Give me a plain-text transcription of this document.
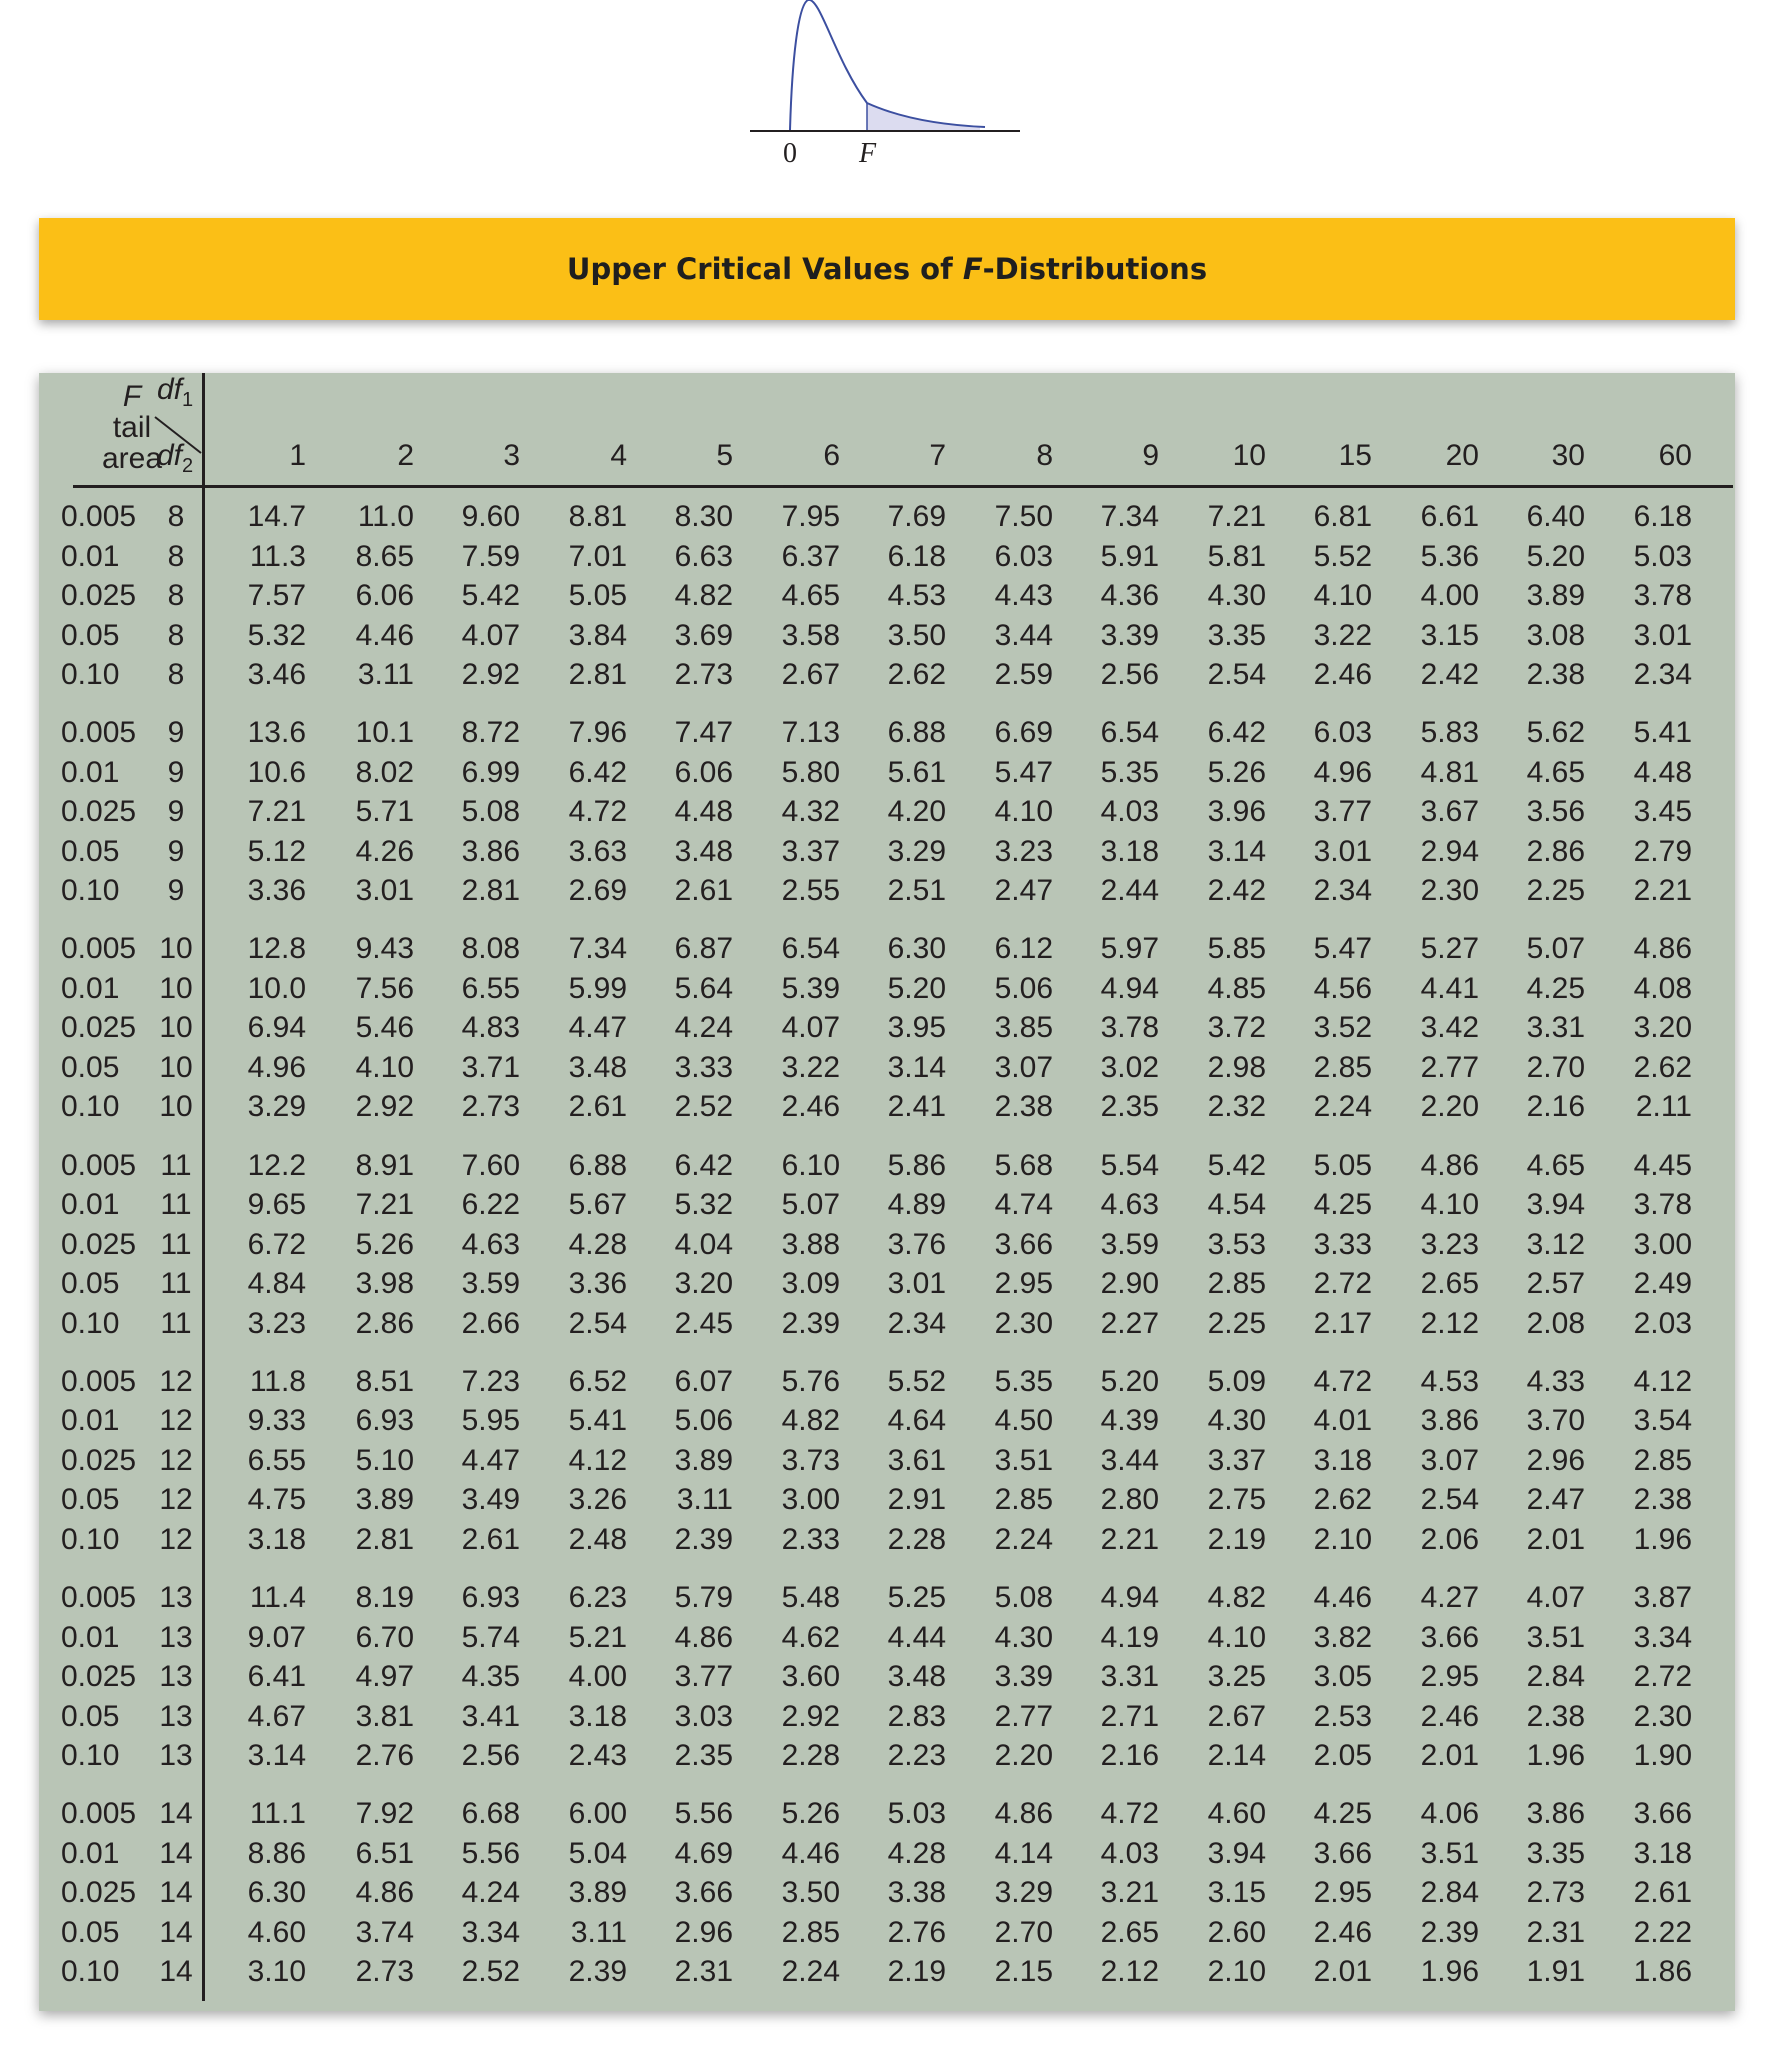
0 F
Upper Critical Values of F-Distributions
F
tail
area
$df_1$
$df_2$	1	2	3	4	5	6	7	8	9	10	15	20	30	60
0.005	8	14.7	11.0	9.60	8.81	8.30	7.95	7.69	7.50	7.34	7.21	6.81	6.61	6.40	6.18
0.01	8	11.3	8.65	7.59	7.01	6.63	6.37	6.18	6.03	5.91	5.81	5.52	5.36	5.20	5.03
0.025	8	7.57	6.06	5.42	5.05	4.82	4.65	4.53	4.43	4.36	4.30	4.10	4.00	3.89	3.78
0.05	8	5.32	4.46	4.07	3.84	3.69	3.58	3.50	3.44	3.39	3.35	3.22	3.15	3.08	3.01
0.10	8	3.46	3.11	2.92	2.81	2.73	2.67	2.62	2.59	2.56	2.54	2.46	2.42	2.38	2.34
0.005	9	13.6	10.1	8.72	7.96	7.47	7.13	6.88	6.69	6.54	6.42	6.03	5.83	5.62	5.41
0.01	9	10.6	8.02	6.99	6.42	6.06	5.80	5.61	5.47	5.35	5.26	4.96	4.81	4.65	4.48
0.025	9	7.21	5.71	5.08	4.72	4.48	4.32	4.20	4.10	4.03	3.96	3.77	3.67	3.56	3.45
0.05	9	5.12	4.26	3.86	3.63	3.48	3.37	3.29	3.23	3.18	3.14	3.01	2.94	2.86	2.79
0.10	9	3.36	3.01	2.81	2.69	2.61	2.55	2.51	2.47	2.44	2.42	2.34	2.30	2.25	2.21
0.005 10	12.8	9.43	8.08	7.34	6.87	6.54	6.30	6.12	5.97	5.85	5.47	5.27	5.07	4.86
0.01 10	10.0	7.56	6.55	5.99	5.64	5.39	5.20	5.06	4.94	4.85	4.56	4.41	4.25	4.08
0.025 10	6.94	5.46	4.83	4.47	4.24	4.07	3.95	3.85	3.78	3.72	3.52	3.42	3.31	3.20
0.05 10	4.96	4.10	3.71	3.48	3.33	3.22	3.14	3.07	3.02	2.98	2.85	2.77	2.70	2.62
0.10 10	3.29	2.92	2.73	2.61	2.52	2.46	2.41	2.38	2.35	2.32	2.24	2.20	2.16	2.11
0.005 11	12.2	8.91	7.60	6.88	6.42	6.10	5.86	5.68	5.54	5.42	5.05	4.86	4.65	4.45
0.01 11	9.65	7.21	6.22	5.67	5.32	5.07	4.89	4.74	4.63	4.54	4.25	4.10	3.94	3.78
0.025 11	6.72	5.26	4.63	4.28	4.04	3.88	3.76	3.66	3.59	3.53	3.33	3.23	3.12	3.00
0.05 11	4.84	3.98	3.59	3.36	3.20	3.09	3.01	2.95	2.90	2.85	2.72	2.65	2.57	2.49
0.10 11	3.23	2.86	2.66	2.54	2.45	2.39	2.34	2.30	2.27	2.25	2.17	2.12	2.08	2.03
0.005 12	11.8	8.51	7.23	6.52	6.07	5.76	5.52	5.35	5.20	5.09	4.72	4.53	4.33	4.12
0.01 12	9.33	6.93	5.95	5.41	5.06	4.82	4.64	4.50	4.39	4.30	4.01	3.86	3.70	3.54
0.025 12	6.55	5.10	4.47	4.12	3.89	3.73	3.61	3.51	3.44	3.37	3.18	3.07	2.96	2.85
0.05 12	4.75	3.89	3.49	3.26	3.11	3.00	2.91	2.85	2.80	2.75	2.62	2.54	2.47	2.38
0.10 12	3.18	2.81	2.61	2.48	2.39	2.33	2.28	2.24	2.21	2.19	2.10	2.06	2.01	1.96
0.005 13	11.4	8.19	6.93	6.23	5.79	5.48	5.25	5.08	4.94	4.82	4.46	4.27	4.07	3.87
0.01 13	9.07	6.70	5.74	5.21	4.86	4.62	4.44	4.30	4.19	4.10	3.82	3.66	3.51	3.34
0.025 13	6.41	4.97	4.35	4.00	3.77	3.60	3.48	3.39	3.31	3.25	3.05	2.95	2.84	2.72
0.05 13	4.67	3.81	3.41	3.18	3.03	2.92	2.83	2.77	2.71	2.67	2.53	2.46	2.38	2.30
0.10 13	3.14	2.76	2.56	2.43	2.35	2.28	2.23	2.20	2.16	2.14	2.05	2.01	1.96	1.90
0.005 14	11.1	7.92	6.68	6.00	5.56	5.26	5.03	4.86	4.72	4.60	4.25	4.06	3.86	3.66
0.01 14	8.86	6.51	5.56	5.04	4.69	4.46	4.28	4.14	4.03	3.94	3.66	3.51	3.35	3.18
0.025 14	6.30	4.86	4.24	3.89	3.66	3.50	3.38	3.29	3.21	3.15	2.95	2.84	2.73	2.61
0.05 14	4.60	3.74	3.34	3.11	2.96	2.85	2.76	2.70	2.65	2.60	2.46	2.39	2.31	2.22
0.10 14	3.10	2.73	2.52	2.39	2.31	2.24	2.19	2.15	2.12	2.10	2.01	1.96	1.91	1.86
